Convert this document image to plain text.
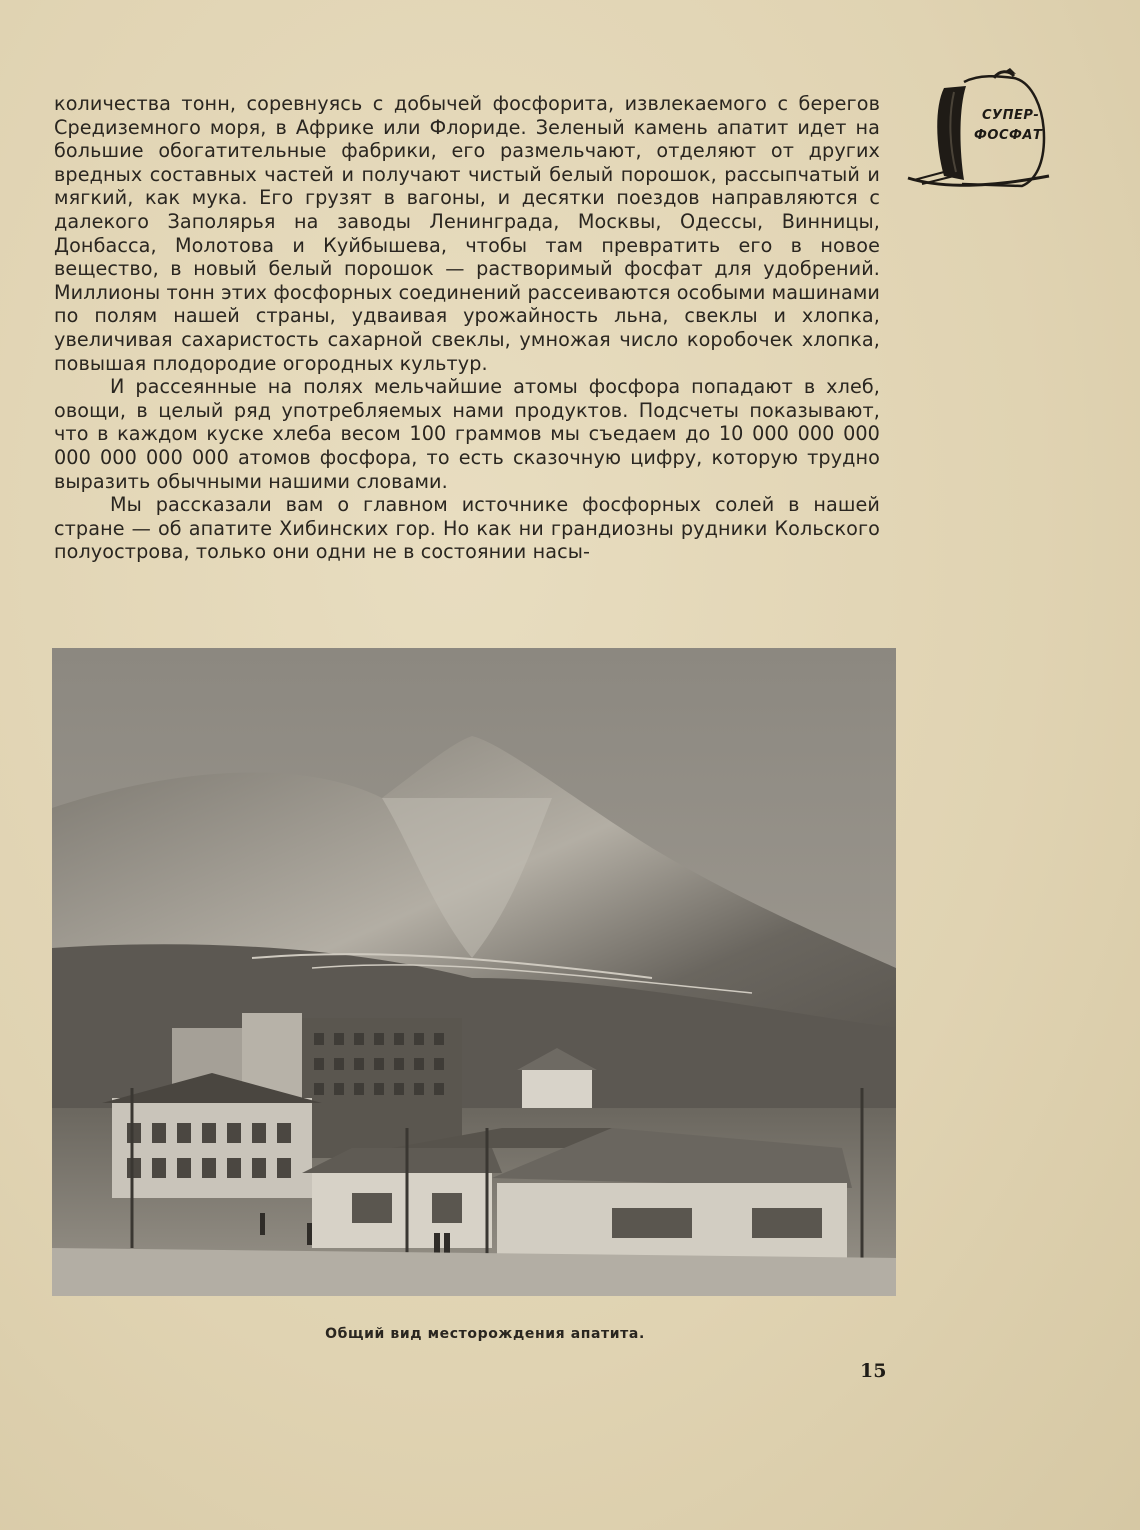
СУПЕР-
ФОСФАТ

количества тонн, соревнуясь с добычей фосфорита, извлекаемого с берегов Средиземного моря, в Африке или Флориде. Зеленый камень апатит идет на большие обогатительные фабрики, его размельчают, отделяют от других вредных составных частей и получают чистый белый порошок, рассыпчатый и мягкий, как мука. Его грузят в вагоны, и десятки поездов направляются с далекого Заполярья на заводы Ленинграда, Москвы, Одессы, Винницы, Донбасса, Молотова и Куйбышева, чтобы там превратить его в новое вещество, в новый белый порошок — растворимый фосфат для удобрений. Миллионы тонн этих фосфорных соединений рассеиваются особыми машинами по полям нашей страны, удваивая урожайность льна, свеклы и хлопка, увеличивая сахаристость сахарной свеклы, умножая число коробочек хлопка, повышая плодородие огородных культур.

И рассеянные на полях мельчайшие атомы фосфора попадают в хлеб, овощи, в целый ряд употребляемых нами продуктов. Подсчеты показывают, что в каждом куске хлеба весом 100 граммов мы съедаем до 10 000 000 000 000 000 000 000 атомов фосфора, то есть сказочную цифру, которую трудно выразить обычными нашими словами.

Мы рассказали вам о главном источнике фосфорных солей в нашей стране — об апатите Хибинских гор. Но как ни грандиозны рудники Кольского полуострова, только они одни не в состоянии насы-

Общий вид месторождения апатита.
15
